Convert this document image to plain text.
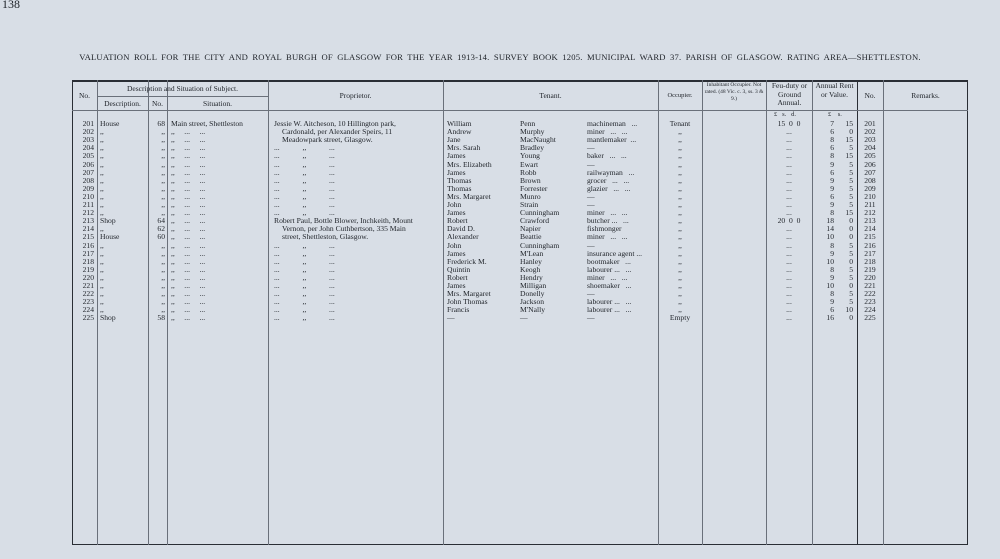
138
VALUATION ROLL FOR THE CITY AND ROYAL BURGH OF GLASGOW FOR THE YEAR 1913-14. SURVEY BOOK 1205. MUNICIPAL WARD 37. PARISH OF GLASGOW. RATING AREA—SHETTLESTON.
No.
Description and Situation of Subject.
Description.	No.	Situation.
Proprietor.	Tenant.	Occupier.
Inhabitant Occupier. Not rated. (48 Vic. c. 3, ss. 3 & 9.)
Feu-duty or Ground Annual.
Annual Rent or Value.	No.	Remarks.
£   s.   d.	£    s.
201 House	68 Main street, Shettleston	Jessie W. Aitcheson, 10 Hillington park,	William	Penn	machineman   ...	Tenant	15  0  0	7	15	201
202 ,,	,, ,,     ...     ...	Cardonald, per Alexander Speirs, 11	Andrew	Murphy	miner   ...   ...	,,	...	6	0	202
203 ,,	,, ,,     ...     ...	Meadowpark street, Glasgow.	Jane	MacNaught	mantlemaker  ...	,,	...	8	15	203
204 ,,	,, ,,     ...     ...	...            ,,            ...	Mrs. Sarah	Bradley	—	,,	...	6	5	204
205 ,,	,, ,,     ...     ...	...            ,,            ...	James	Young	baker   ...   ...	,,	...	8	15	205
206 ,,	,, ,,     ...     ...	...            ,,            ...	Mrs. Elizabeth	Ewart	—	,,	...	9	5	206
207 ,,	,, ,,     ...     ...	...            ,,            ...	James	Robb	railwayman   ...	,,	...	6	5	207
208 ,,	,, ,,     ...     ...	...            ,,            ...	Thomas	Brown	grocer   ...   ...	,,	...	9	5	208
209 ,,	,, ,,     ...     ...	...            ,,            ...	Thomas	Forrester	glazier   ...   ...	,,	...	9	5	209
210 ,,	,, ,,     ...     ...	...            ,,            ...	Mrs. Margaret	Munro	—	,,	...	6	5	210
211 ,,	,, ,,     ...     ...	...            ,,            ...	John	Strain	—	,,	...	9	5	211
212 ,,	,, ,,     ...     ...	...            ,,            ...	James	Cunningham	miner   ...   ...	,,	...	8	15	212
213 Shop	64 ,,     ...     ...	Robert Paul, Bottle Blower, Inchkeith, Mount	Robert	Crawford	butcher ...   ...	,,	20  0  0	18	0	213
214 ,,	62 ,,     ...     ...	Vernon, per John Cuthbertson, 335 Main	David D.	Napier	fishmonger	,,	...	14	0	214
215 House	60 ,,     ...     ...	street, Shettleston, Glasgow.	Alexander	Beattie	miner   ...   ...	,,	...	10	0	215
216 ,,	,, ,,     ...     ...	...            ,,            ...	John	Cunningham	—	,,	...	8	5	216
217 ,,	,, ,,     ...     ...	...            ,,            ...	James	M'Lean	insurance agent ...	,,	...	9	5	217
218 ,,	,, ,,     ...     ...	...            ,,            ...	Frederick M.	Hanley	bootmaker   ...	,,	...	10	0	218
219 ,,	,, ,,     ...     ...	...            ,,            ...	Quintin	Keogh	labourer ...   ...	,,	...	8	5	219
220 ,,	,, ,,     ...     ...	...            ,,            ...	Robert	Hendry	miner   ...   ...	,,	...	9	5	220
221 ,,	,, ,,     ...     ...	...            ,,            ...	James	Milligan	shoemaker   ...	,,	...	10	0	221
222 ,,	,, ,,     ...     ...	...            ,,            ...	Mrs. Margaret	Donelly	—	,,	...	8	5	222
223 ,,	,, ,,     ...     ...	...            ,,            ...	John Thomas	Jackson	labourer ...   ...	,,	...	9	5	223
224 ,,	,, ,,     ...     ...	...            ,,            ...	Francis	M'Nally	labourer ...   ...	,,	...	6	10	224
225 Shop	58 ,,     ...     ...	...            ,,            ...	—	—	—	Empty	...	16	0	225
